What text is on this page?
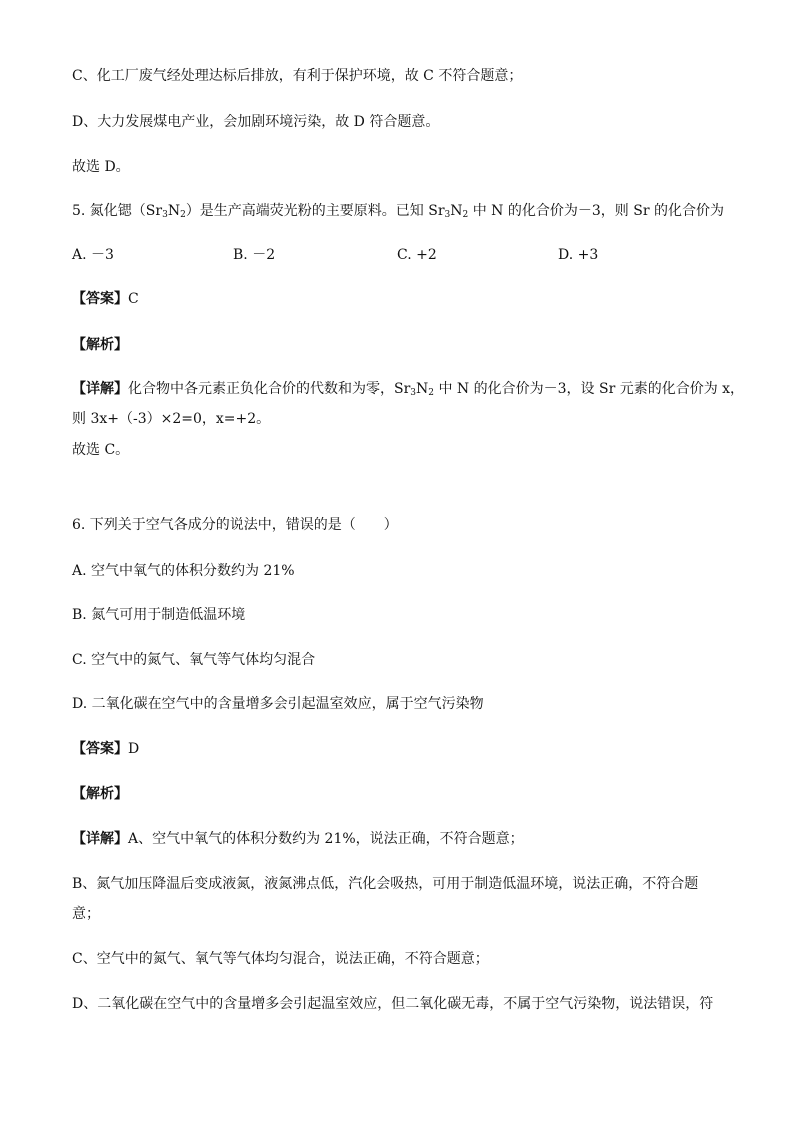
C、化工厂废气经处理达标后排放，有利于保护环境，故 C 不符合题意；
D、大力发展煤电产业，会加剧环境污染，故 D 符合题意。
故选 D。
5. 氮化锶$(Sr_3N_2)$是生产高端荧光粉的主要原料。已知 $Sr_3N_2$ 中 N 的化合价为－3，则 Sr 的化合价为
A. －3	B. －2	C. +2	D. +3
【答案】C
【解析】
【详解】化合物中各元素正负化合价的代数和为零，$Sr_3N_2$ 中 N 的化合价为－3，设 Sr 元素的化合价为 x，
则 3x+（-3）×2=0，x=+2。
故选 C。
6. 下列关于空气各成分的说法中，错误的是（　　）
A. 空气中氧气的体积分数约为 21%
B. 氮气可用于制造低温环境
C. 空气中的氮气、氧气等气体均匀混合
D. 二氧化碳在空气中的含量增多会引起温室效应，属于空气污染物
【答案】D
【解析】
【详解】A、空气中氧气的体积分数约为 21%，说法正确，不符合题意；
B、氮气加压降温后变成液氮，液氮沸点低，汽化会吸热，可用于制造低温环境，说法正确，不符合题
意；
C、空气中的氮气、氧气等气体均匀混合，说法正确，不符合题意；
D、二氧化碳在空气中的含量增多会引起温室效应，但二氧化碳无毒，不属于空气污染物，说法错误，符
